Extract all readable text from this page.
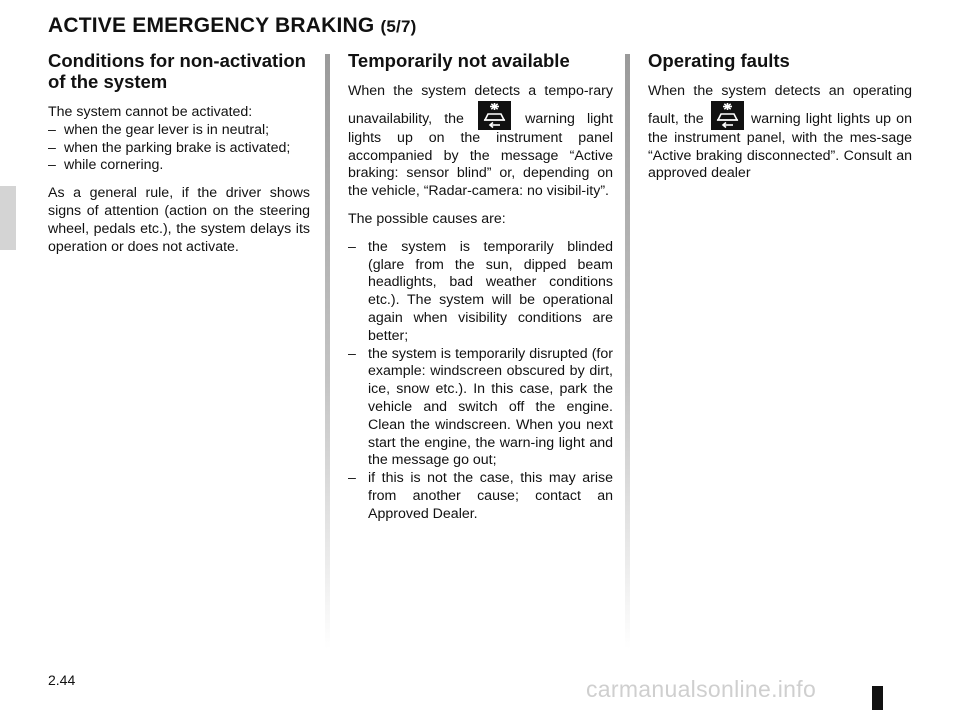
ACTIVE EMERGENCY BRAKING (5/7)
Conditions for non-activation of the system
The system cannot be activated:
– when the gear lever is in neutral;
– when the parking brake is activated;
– while cornering.

As a general rule, if the driver shows signs of attention (action on the steering wheel, pedals etc.), the system delays its operation or does not activate.

Temporarily not available

When the system detects a tempo-rary unavailability, the	warning light lights up on the instrument panel accompanied by the message “Active braking: sensor blind” or, depending on the vehicle, “Radar-camera: no visibil-ity”.

The possible causes are:

– the system is temporarily blinded (glare from the sun, dipped beam headlights, bad weather conditions etc.). The system will be operational again when visibility conditions are better;
– the system is temporarily disrupted (for example: windscreen obscured by dirt, ice, snow etc.). In this case, park the vehicle and switch off the engine. Clean the windscreen. When you next start the engine, the warn-ing light and the message go out;
– if this is not the case, this may arise from another cause; contact an Approved Dealer.
Operating faults

When the system detects an operating fault, the	warning light lights up on the instrument panel, with the mes-sage “Active braking disconnected”. Consult an approved dealer

2.44	carmanualsonline.info
